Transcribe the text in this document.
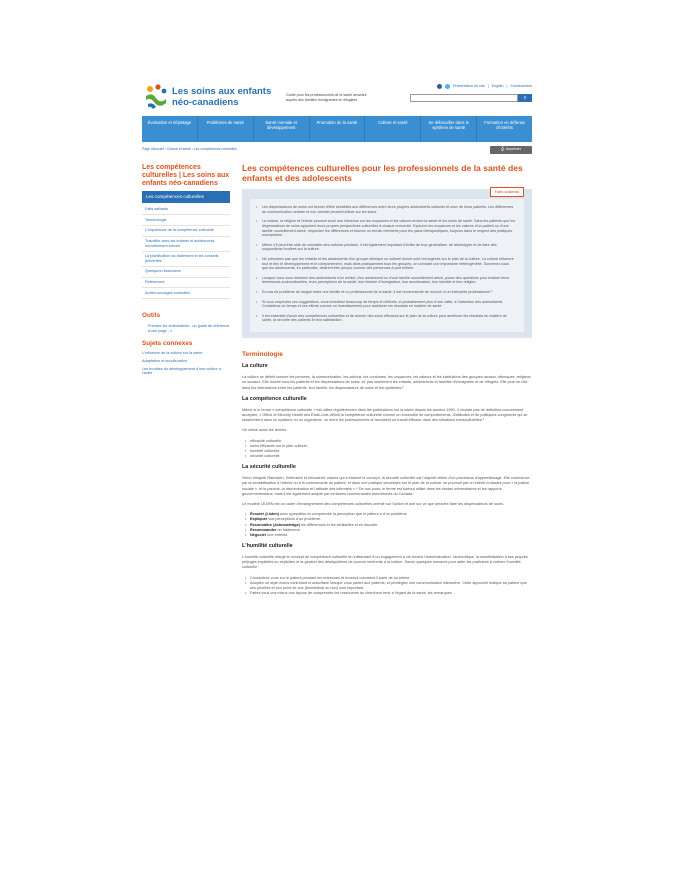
Les soins aux enfants
néo-canadiens
Guide pour les professionnels de la santé œuvrant auprès des familles immigrantes et réfugiées
Présentation du site | English | Coordonnées
⚲
Évaluation et dépistage	Problèmes de santé	Santé mentale et développement
Promotion de la santé	Culture et santé	Se débrouiller dans le système de santé
Formation en défense d'intérêts
Page d'accueil › Culture et santé › Les compétences culturelles	⎙ Imprimer
Les compétences culturelles | Les soins aux enfants néo-canadiens
Les compétences culturelles
Faits saillants
Terminologie
L'importance de la compétence culturelle
Travailler avec les enfants et adolescents nouvellement arrivés
La planification du traitement et les conseils préventifs
Quelques ressources
Références
Autres ouvrages consultés
Outils
Prendre les antécédents : un guide de référence d'une page - 1
Sujets connexes
L'influence de la culture sur la santé
Adaptation et acculturation
Les troubles du développement d'une culture à l'autre
Les compétences culturelles pour les professionnels de la santé des enfants et des adolescents
Faits saillants
• Les dispensateurs de soins ont besoin d'être sensibles aux différences entre leurs propres antécédents culturels et ceux de leurs patients. Les différences de communication verbale et non verbale peuvent influer sur les soins.
• La culture, la religion et l'ethnie peuvent avoir une influence sur les croyances et les valeurs envers la santé et les soins de santé. Sans les patients que les dispensateurs de soins apportent leurs propres perspectives culturelles à chaque rencontre. Explorez les croyances et les valeurs d'un patient ou d'une famille nouvellement arrivé, respectez les différences et trouvez un terrain d'entente pour les plans thérapeutiques, toujours dans le respect des pratiques exemplaires.
• Même s'il peut être utile de connaître des cultures précises, il est également important d'éviter de trop généraliser, de stéréotyper et de faire des suppositions fondées sur la culture.
• Ne présumez pas que les enfants et les adolescents d'un groupe ethnique ou culturel donné sont homogènes sur le plan de la culture. La culture influence tout et lien le développement et le comportement, mais dans pratiquement tous les groupes, on constate une importante hétérogénéité. Souvenez-vous que les adolescents, en particulier, désirent être perçus comme des personnes à part entière.
• Lorsque vous vous informez des antécédents d'un enfant, d'un adolescent ou d'une famille nouvellement arrivé, posez des questions pour évaluer leurs dimensions socioculturelles, leurs perceptions de la santé, leur histoire d'immigration, leur acculturation, leur identité et leur religion.
• En cas de problème de langue entre une famille et un professionnel de la santé, il est recommandé de recourir à un interprète professionnel.¹
• Si vous respectez ces suggestions, vous investirez beaucoup de temps et d'efforts, et probablement plus d'une visite, à l'obtention des antécédents. Considérez ce temps et ces efforts comme un investissement pour améliorer les résultats en matière de santé.
• Il est essentiel d'avoir des compétences culturelles et de donner des soins efficaces sur le plan de la culture pour améliorer les résultats en matière de santé, la sécurité des patients et leur satisfaction.
Terminologie
La culture

La culture se définit comme les pensées, la communication, les actions, les coutumes, les croyances, les valeurs et les institutions des groupes raciaux, ethniques, religieux ou sociaux. Elle touche tous les patients et les dispensateurs de soins, et, pas seulement les enfants, adolescents et familles d'immigrants et de réfugiés. Elle joue un rôle dans les interactions entre les patients, leur famille, les dispensateurs de soins et les systèmes.²

La compétence culturelle

Même si le terme « compétence culturelle » est utilisé régulièrement dans les publications sur la santé depuis les années 1990, il n'existe pas de définition couramment acceptée. L'Office of Minority Health des États-Unis définit la compétence culturelle comme un ensemble de comportements, d'attitudes et de politiques congruents qui se rassemblent dans un système ou un organisme, ou entre les professionnels et favorisent un travail efficace dans des situations transculturelles.³

On utilise aussi les termes :

• efficacité culturelle,
• soins efficaces sur le plan culturel,
• humilité culturelle,
• sécurité culturelle.
La sécurité culturelle

Selon Irihapeti Ramsden, l'infirmière et éducatrice maorie qui a élaboré le concept, la sécurité culturelle est l'objectif ultime d'un processus d'apprentissage. Elle commence par la sensibilisation à l'ethnie ou à la communauté du patient, et dans une pratique sécuritaire sur le plan de la culture, se poursuit par un intérêt croissant pour « la justice sociale », et le pouvoir, la discrimination et l'attitude des infirmiers ».⁴ De nos jours, le terme est surtout utilisé dans les études universitaires et les rapports gouvernementaux, mais il est également adopté par certaines communautés autochtones du Canada.

Le modèle LEARN est un cadre d'enseignement des compétences culturelles orienté sur l'action et axé sur ce que peuvent faire les dispensateurs de soins.

• Écouter (Listen) avec sympathie et comprendre la perception que le patient a d'un problème.
• Expliquer vos perceptions d'un problème.
• Reconnaître (Acknowledge) les différences et les similarités et en discuter.
• Recommander un traitement.
• Négocier une entente.
L'humilité culturelle

L'humilité culturelle élargit le concept de compétence culturelle en s'attardant à un engagement à vie envers l'autoévaluation, l'autocritique, la sensibilisation à ses propres préjugés implicites ou explicites et la gestion des déséquilibres de pouvoir inhérents à la culture. Savoir quelques mesures pour aider les praticiens à cultiver l'humilité culturelle :

• Concentrez-vous sur le patient pendant les entrevues et écoutez comment il parle de lui-même.
• Adoptez un style moins contrôlant et autoritaire lorsque vous parlez aux patients, et privilégiez une communication interactive. Cette approche indique au patient que ses priorités et son point de vue (biomédical ou non) sont important.
• Faites vous vos mieux vos façons de comprendre les ressources du chercheur tenir à l'égard de la santé, les remarques
